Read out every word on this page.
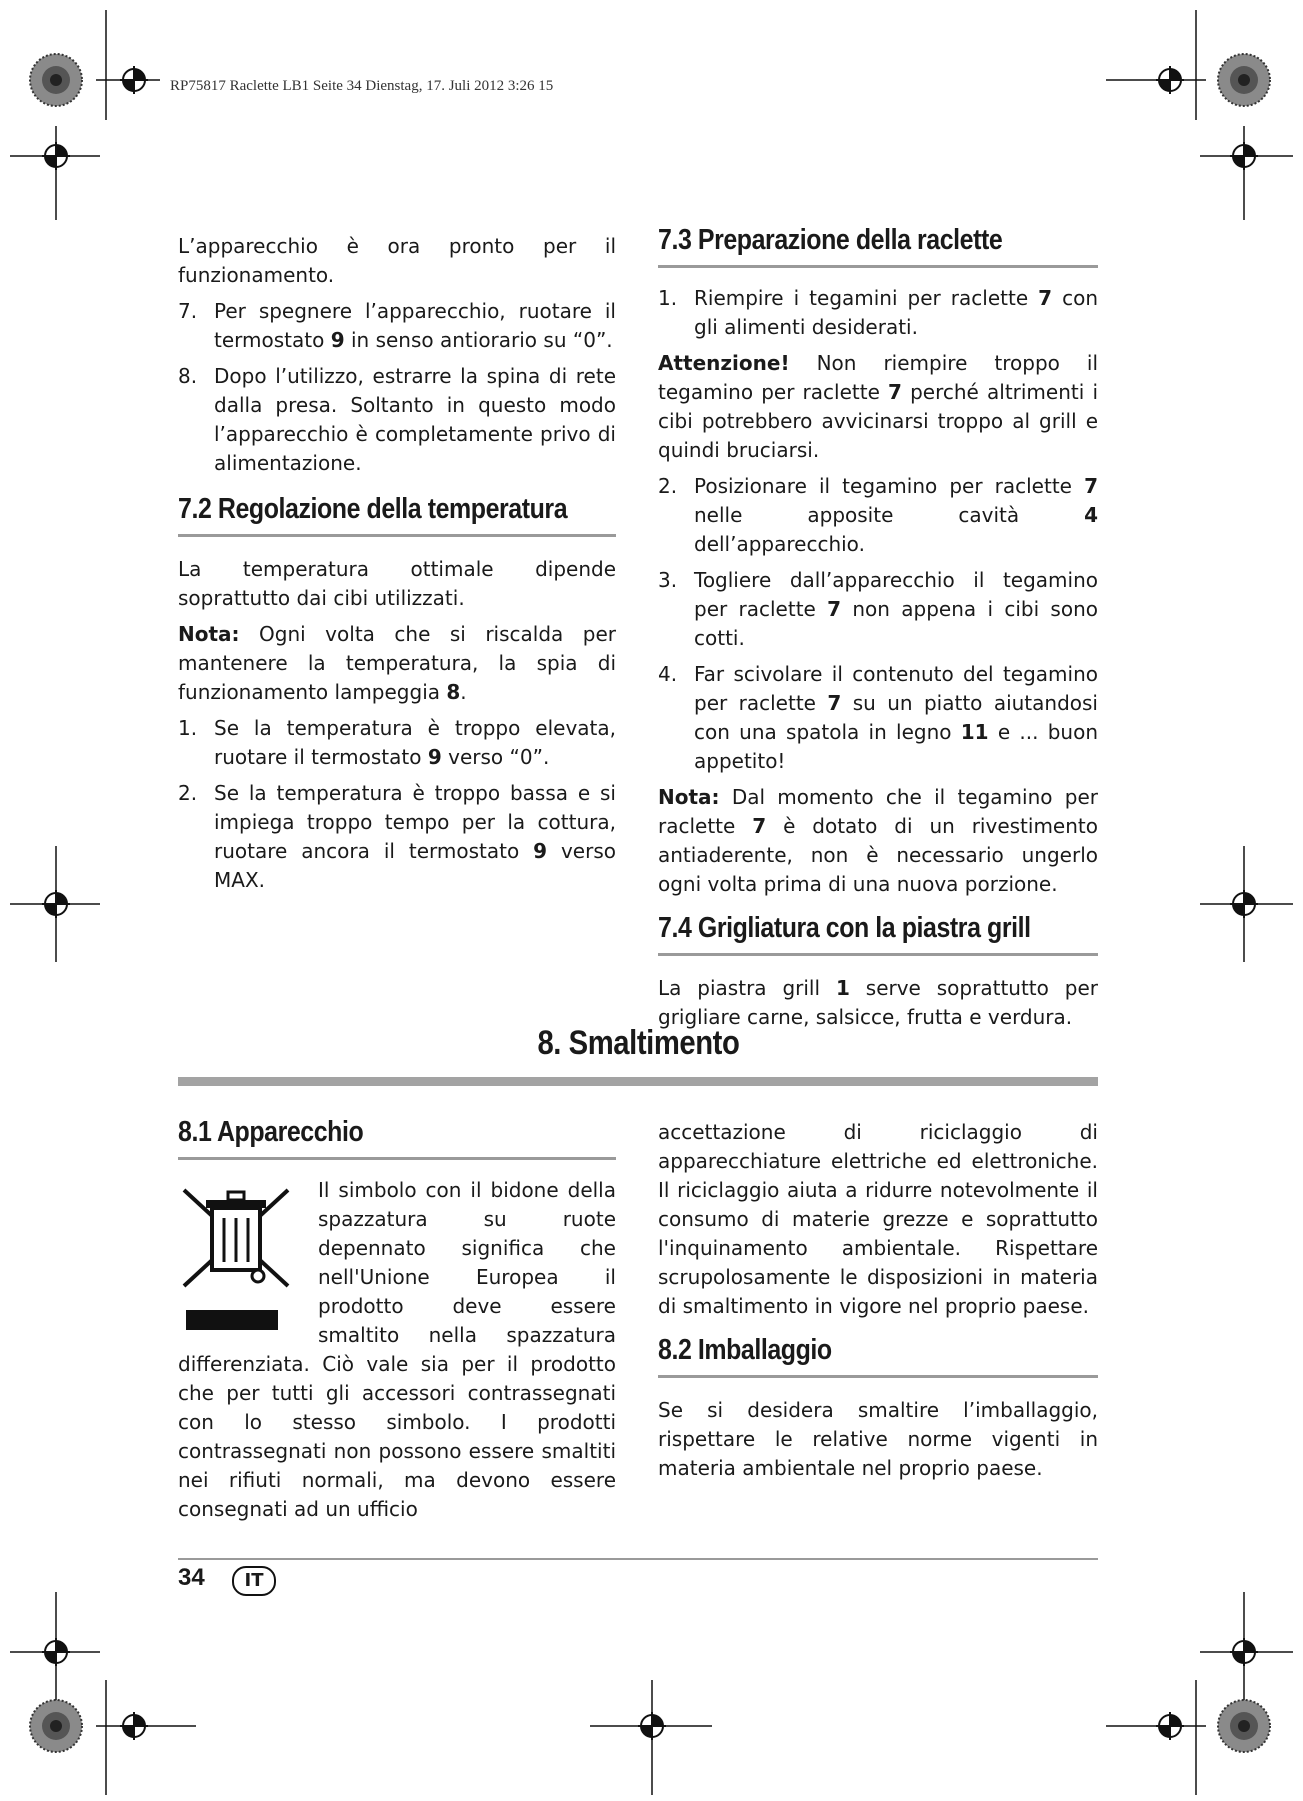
RP75817 Raclette LB1 Seite 34 Dienstag, 17. Juli 2012 3:26 15

L’apparecchio è ora pronto per il funzionamento.

7. Per spegnere l’apparecchio, ruotare il termostato 9 in senso antiorario su “0”.
8. Dopo l’utilizzo, estrarre la spina di rete dalla presa. Soltanto in questo modo l’apparecchio è completamente privo di alimentazione.
7.2 Regolazione della temperatura

La temperatura ottimale dipende soprattutto dai cibi utilizzati.

Nota: Ogni volta che si riscalda per mantenere la temperatura, la spia di funzionamento lampeggia 8.

1. Se la temperatura è troppo elevata, ruotare il termostato 9 verso “0”.
2. Se la temperatura è troppo bassa e si impiega troppo tempo per la cottura, ruotare ancora il termostato 9 verso MAX.
7.3 Preparazione della raclette
1. Riempire i tegamini per raclette 7 con gli alimenti desiderati.

Attenzione! Non riempire troppo il tegamino per raclette 7 perché altrimenti i cibi potrebbero avvicinarsi troppo al grill e quindi bruciarsi.

2. Posizionare il tegamino per raclette 7 nelle apposite cavità 4 dell’apparecchio.
3. Togliere dall’apparecchio il tegamino per raclette 7 non appena i cibi sono cotti.
4. Far scivolare il contenuto del tegamino per raclette 7 su un piatto aiutandosi con una spatola in legno 11 e ... buon appetito!

Nota: Dal momento che il tegamino per raclette 7 è dotato di un rivestimento antiaderente, non è necessario ungerlo ogni volta prima di una nuova porzione.

7.4 Grigliatura con la piastra grill

La piastra grill 1 serve soprattutto per grigliare carne, salsicce, frutta e verdura.

8. Smaltimento
8.1 Apparecchio

Il simbolo con il bidone della spazzatura su ruote depennato significa che nell'Unione Europea il prodotto deve essere smaltito nella spazzatura differenziata. Ciò vale sia per il prodotto che per tutti gli accessori contrassegnati con lo stesso simbolo. I prodotti contrassegnati non possono essere smaltiti nei rifiuti normali, ma devono essere consegnati ad un ufficio

accettazione di riciclaggio di apparecchiature elettriche ed elettroniche. Il riciclaggio aiuta a ridurre notevolmente il consumo di materie grezze e soprattutto l'inquinamento ambientale. Rispettare scrupolosamente le disposizioni in materia di smaltimento in vigore nel proprio paese.

8.2 Imballaggio

Se si desidera smaltire l’imballaggio, rispettare le relative norme vigenti in materia ambientale nel proprio paese.

34	IT
